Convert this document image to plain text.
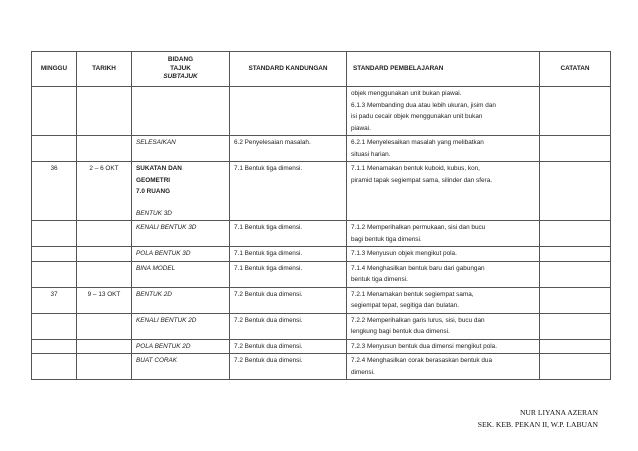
MINGGU	TARIKH	BIDANG
TAJUK
SUBTAJUK	STANDARD KANDUNGAN	STANDARD PEMBELAJARAN	CATATAN

				objek menggunakan unit bukan piawai.
6.1.3 Membanding dua atau lebih ukuran, jisim dan
isi padu cecair objek menggunakan unit bukan
piawai.	

		SELESAIKAN	6.2 Penyelesaian masalah.	6.2.1 Menyelesaikan masalah yang melibatkan
situasi harian.	

36	2 – 6 OKT	SUKATAN DAN
GEOMETRI
7.0 RUANG
BENTUK 3D	7.1 Bentuk tiga dimensi.	7.1.1 Menamakan bentuk kuboid, kubus, kon,
piramid tapak segiempat sama, silinder dan sfera.	

		KENALI BENTUK 3D	7.1 Bentuk tiga dimensi.	7.1.2 Memperihalkan permukaan, sisi dan bucu
bagi bentuk tiga dimensi.	

		POLA BENTUK 3D	7.1 Bentuk tiga dimensi.	7.1.3 Menyusun objek mengikut pola.	
		BINA MODEL	7.1 Bentuk tiga dimensi.	7.1.4 Menghasilkan bentuk baru dari gabungan
bentuk tiga dimensi.	

37	9 – 13 OKT	BENTUK 2D	7.2 Bentuk dua dimensi.	7.2.1 Menamakan bentuk segiempat sama,
segiempat tepat, segitiga dan bulatan.	

		KENALI BENTUK 2D	7.2 Bentuk dua dimensi.	7.2.2 Memperihalkan garis lurus, sisi, bucu dan
lengkung bagi bentuk dua dimensi.	

		POLA BENTUK 2D	7.2 Bentuk dua dimensi.	7.2.3 Menyusun bentuk dua dimensi mengikut pola.	
		BUAT CORAK	7.2 Bentuk dua dimensi.	7.2.4 Menghasilkan corak berasaskan bentuk dua
dimensi.	

NUR LIYANA AZERAN
SEK. KEB. PEKAN II, W.P. LABUAN
